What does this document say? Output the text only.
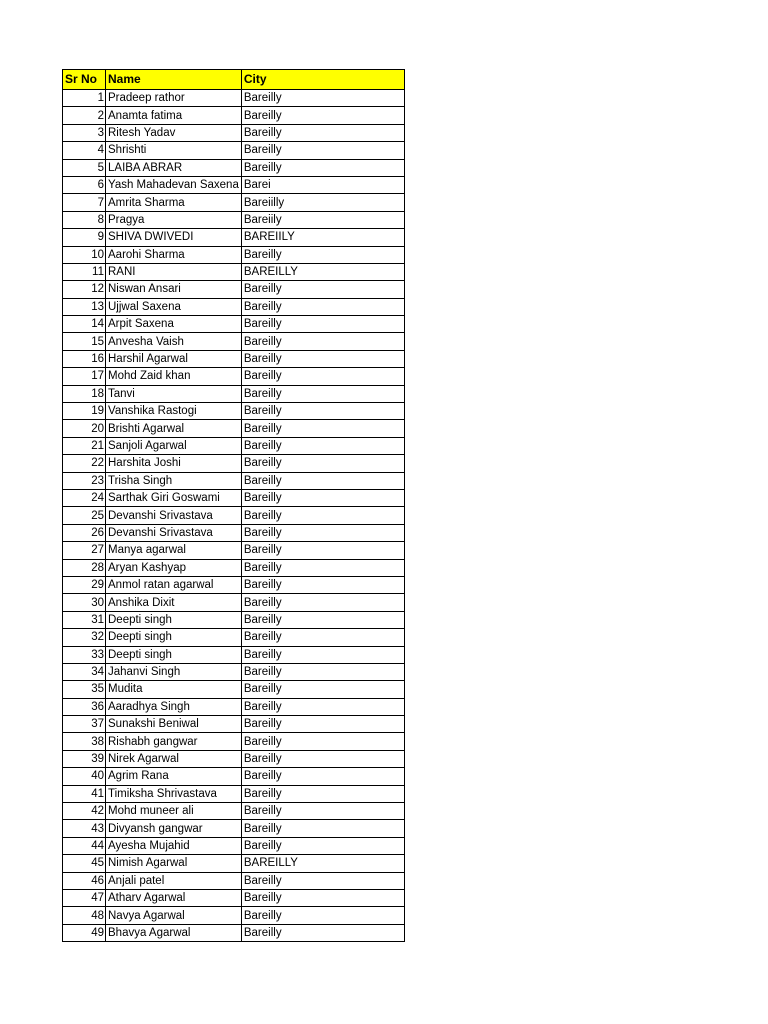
Sr No	Name	City
1	Pradeep rathor	Bareilly
2	Anamta fatima	Bareilly
3	Ritesh Yadav	Bareilly
4	Shrishti	Bareilly
5	LAIBA ABRAR	Bareilly
6	Yash Mahadevan Saxena	Barei
7	Amrita Sharma	Bareiilly
8	Pragya	Bareiily
9	SHIVA DWIVEDI	BAREIILY
10	Aarohi Sharma	Bareilly
11	RANI	BAREILLY
12	Niswan Ansari	Bareilly
13	Ujjwal Saxena	Bareilly
14	Arpit Saxena	Bareilly
15	Anvesha Vaish	Bareilly
16	Harshil Agarwal	Bareilly
17	Mohd Zaid khan	Bareilly
18	Tanvi	Bareilly
19	Vanshika Rastogi	Bareilly
20	Brishti Agarwal	Bareilly
21	Sanjoli Agarwal	Bareilly
22	Harshita Joshi	Bareilly
23	Trisha Singh	Bareilly
24	Sarthak Giri Goswami	Bareilly
25	Devanshi Srivastava	Bareilly
26	Devanshi Srivastava	Bareilly
27	Manya agarwal	Bareilly
28	Aryan Kashyap	Bareilly
29	Anmol ratan agarwal	Bareilly
30	Anshika Dixit	Bareilly
31	Deepti singh	Bareilly
32	Deepti singh	Bareilly
33	Deepti singh	Bareilly
34	Jahanvi Singh	Bareilly
35	Mudita	Bareilly
36	Aaradhya Singh	Bareilly
37	Sunakshi Beniwal	Bareilly
38	Rishabh gangwar	Bareilly
39	Nirek Agarwal	Bareilly
40	Agrim Rana	Bareilly
41	Timiksha Shrivastava	Bareilly
42	Mohd muneer ali	Bareilly
43	Divyansh gangwar	Bareilly
44	Ayesha Mujahid	Bareilly
45	Nimish Agarwal	BAREILLY
46	Anjali patel	Bareilly
47	Atharv Agarwal	Bareilly
48	Navya Agarwal	Bareilly
49	Bhavya Agarwal	Bareilly
